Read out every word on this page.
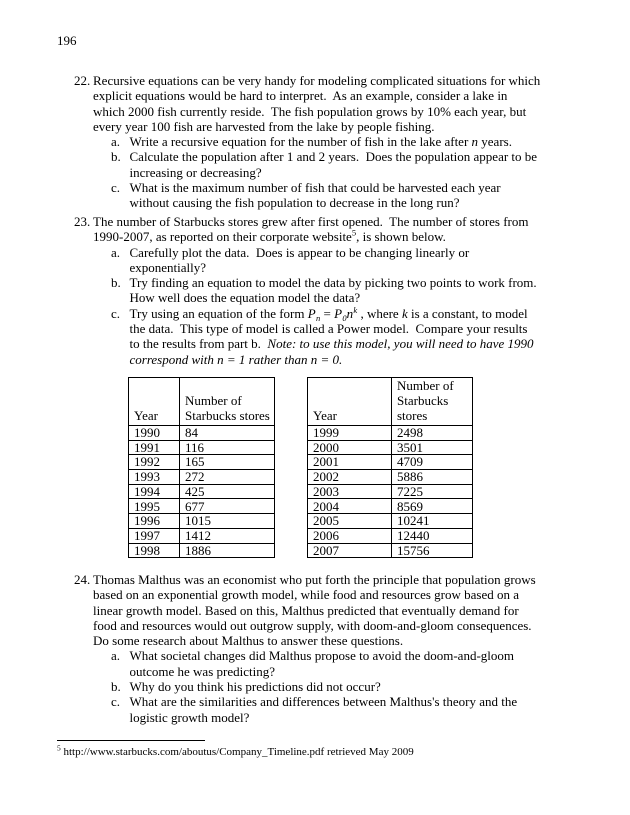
196
22. Recursive equations can be very handy for modeling complicated situations for which
explicit equations would be hard to interpret.  As an example, consider a lake in
which 2000 fish currently reside.  The fish population grows by 10% each year, but
every year 100 fish are harvested from the lake by people fishing.
a. Write a recursive equation for the number of fish in the lake after n years.
b. Calculate the population after 1 and 2 years.  Does the population appear to be
increasing or decreasing?
c. What is the maximum number of fish that could be harvested each year
without causing the fish population to decrease in the long run?
23. The number of Starbucks stores grew after first opened.  The number of stores from
1990-2007, as reported on their corporate website$^5$, is shown below.
a. Carefully plot the data.  Does is appear to be changing linearly or
exponentially?
b. Try finding an equation to model the data by picking two points to work from.
How well does the equation model the data?
c. Try using an equation of the form $P_n = P_0n^k$ , where k is a constant, to model
the data.  This type of model is called a Power model.  Compare your results
to the results from part b.  Note: to use this model, you will need to have 1990
correspond with n = 1 rather than n = 0.
Year	Number of
Starbucks stores

1990	84
1991	116
1992	165
1993	272
1994	425
1995	677
1996	1015
1997	1412
1998	1886
Year	Number of
Starbucks
stores

1999	2498
2000	3501
2001	4709
2002	5886
2003	7225
2004	8569
2005	10241
2006	12440
2007	15756
24. Thomas Malthus was an economist who put forth the principle that population grows
based on an exponential growth model, while food and resources grow based on a
linear growth model. Based on this, Malthus predicted that eventually demand for
food and resources would out outgrow supply, with doom-and-gloom consequences.
Do some research about Malthus to answer these questions.
a. What societal changes did Malthus propose to avoid the doom-and-gloom
outcome he was predicting?
b. Why do you think his predictions did not occur?
c. What are the similarities and differences between Malthus's theory and the
logistic growth model?
$^5$ http://www.starbucks.com/aboutus/Company_Timeline.pdf retrieved May 2009
